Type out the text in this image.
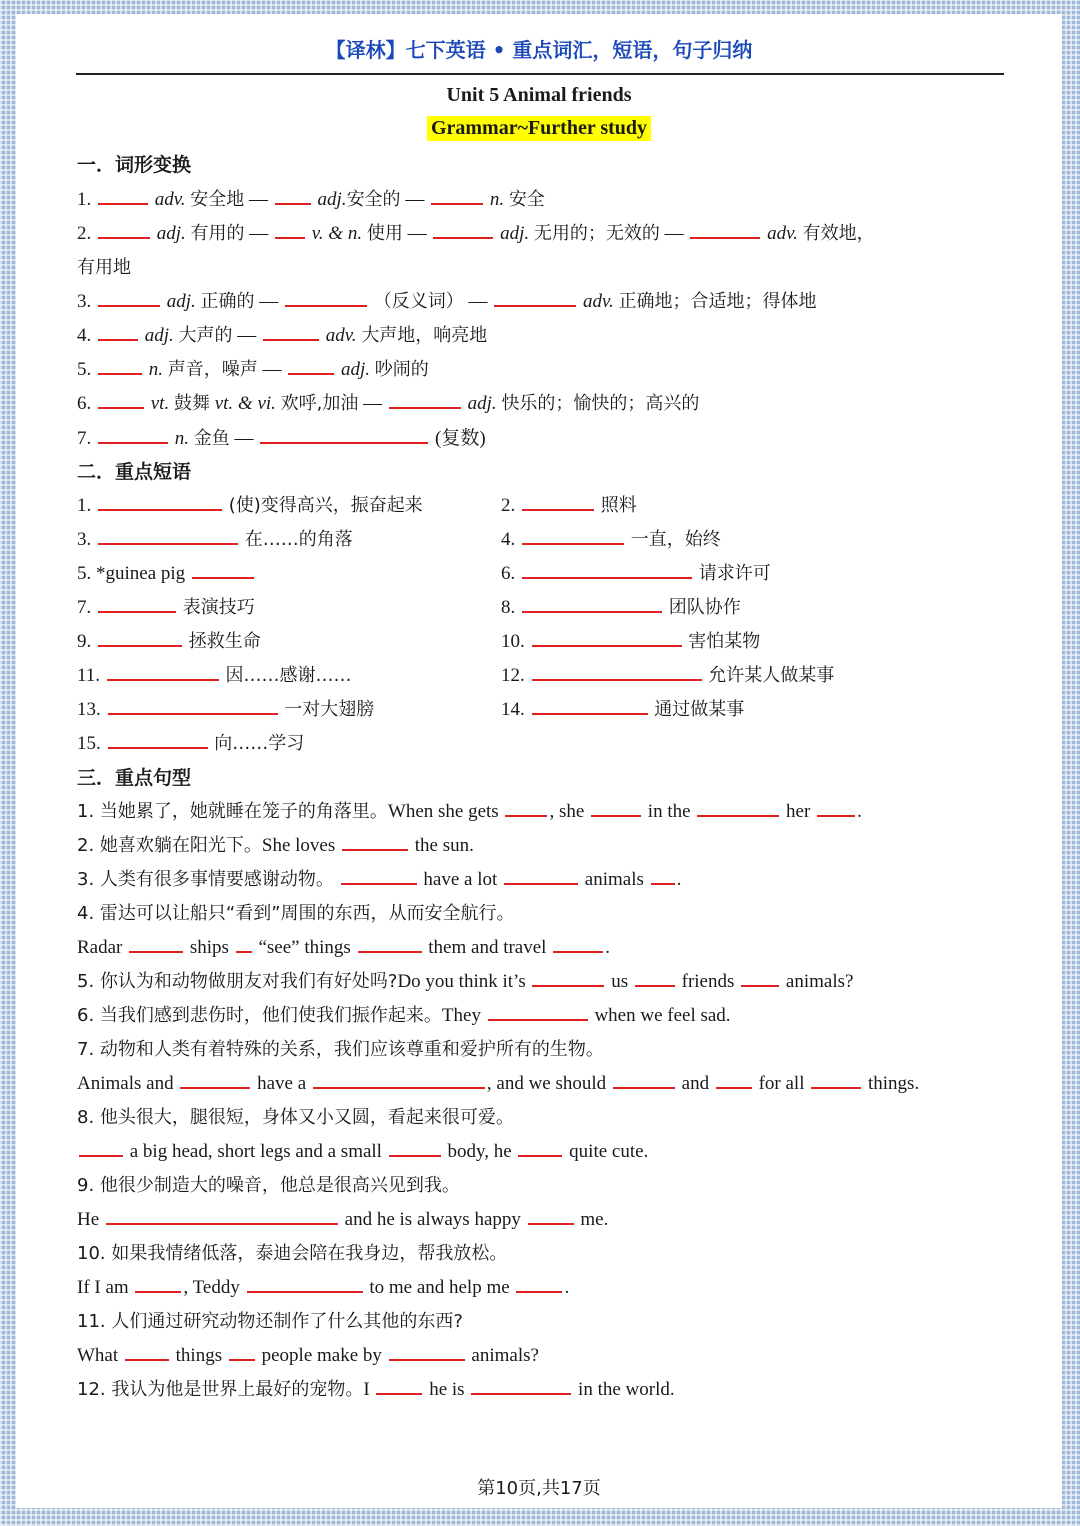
【译林】七下英语 • 重点词汇，短语，句子归纳
Unit 5 Animal friends
Grammar~Further study
一．词形变换
1.	adv. 安全地 —  adj.安全的 —	n. 安全
2.	adj. 有用的 —  v. & n. 使用 —	adj. 无用的；无效的 —	adv. 有效地，
有用地
3.	adj. 正确的 —	（反义词） —	adv. 正确地；合适地；得体地
4.	adj. 大声的 —	adv. 大声地，响亮地
5.	n. 声音，噪声 —	adj. 吵闹的
6.	vt. 鼓舞 vt. & vi. 欢呼,加油 —	adj. 快乐的；愉快的；高兴的
7.	n. 金鱼 —	(复数)
二．重点短语
1.	(使)变得高兴，振奋起来	2.	照料
3.	在……的角落	4.	一直，始终
5. *guinea pig	6.	请求许可
7.	表演技巧	8.	团队协作
9.	拯救生命	10.	害怕某物
11.	因……感谢……	12.	允许某人做某事
13.	一对大翅膀	14.	通过做某事
15.	向……学习
三．重点句型
1. 当她累了，她就睡在笼子的角落里。When she gets	, she	in the	her .
2. 她喜欢躺在阳光下。She loves	the sun.
3. 人类有很多事情要感谢动物。	have a lot	animals .
4. 雷达可以让船只“看到”周围的东西，从而安全航行。
Radar	ships “see” things	them and travel	.
5. 你认为和动物做朋友对我们有好处吗?Do you think it’s	us	friends	animals?
6. 当我们感到悲伤时，他们使我们振作起来。They	when we feel sad.
7. 动物和人类有着特殊的关系，我们应该尊重和爱护所有的生物。
Animals and	have a	, and we should	and	for all	things.
8. 他头很大，腿很短，身体又小又圆，看起来很可爱。
a big head, short legs and a small	body, he	quite cute.
9. 他很少制造大的噪音，他总是很高兴见到我。
He	and he is always happy	me.
10. 如果我情绪低落，泰迪会陪在我身边，帮我放松。
If I am	, Teddy	to me and help me	.
11. 人们通过研究动物还制作了什么其他的东西?
What	things people make by	animals?
12. 我认为他是世界上最好的宠物。I	he is	in the world.
第10页,共17页
